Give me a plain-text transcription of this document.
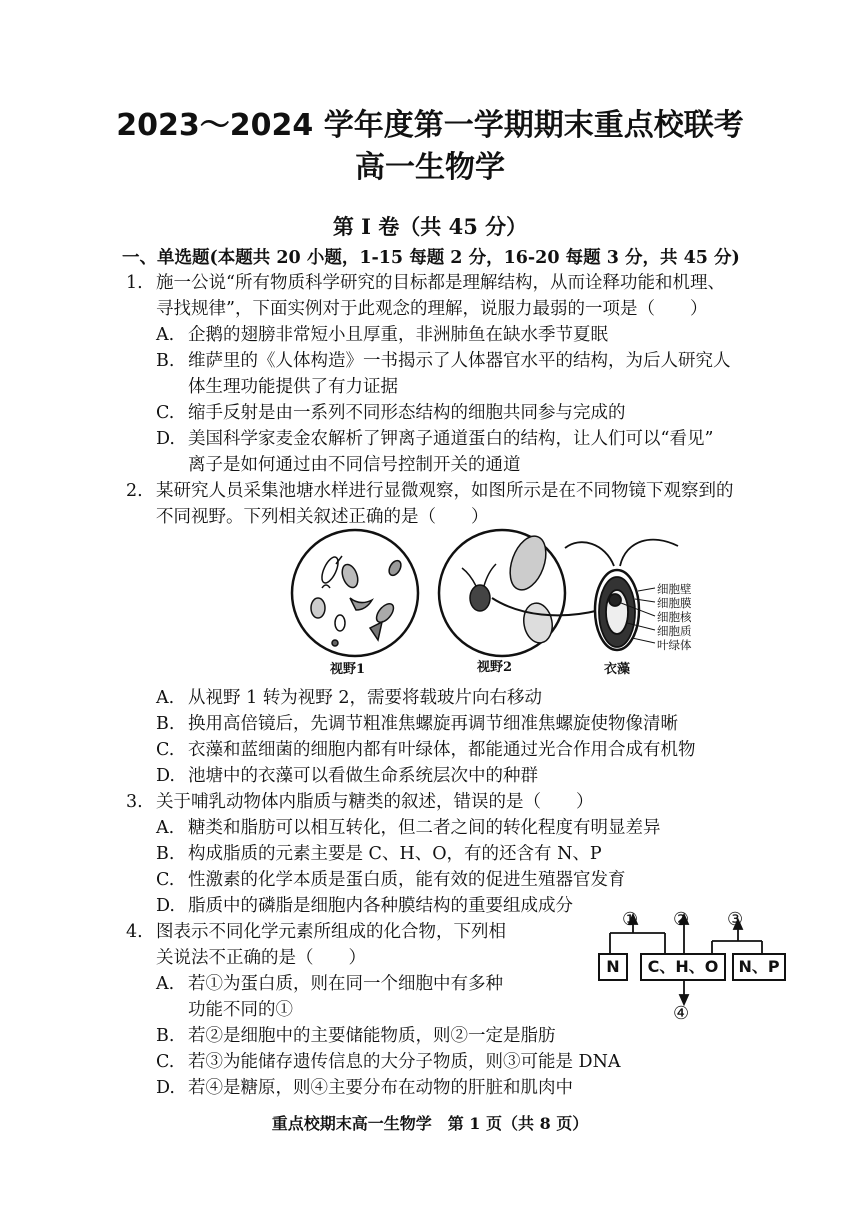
2023～2024 学年度第一学期期末重点校联考
高一生物学
第 Ⅰ 卷（共 45 分）
一、单选题(本题共 20 小题，1-15 每题 2 分，16-20 每题 3 分，共 45 分)
1. 施一公说“所有物质科学研究的目标都是理解结构，从而诠释功能和机理、
寻找规律”，下面实例对于此观念的理解，说服力最弱的一项是（　　）
A. 企鹅的翅膀非常短小且厚重，非洲肺鱼在缺水季节夏眠
B. 维萨里的《人体构造》一书揭示了人体器官水平的结构，为后人研究人
体生理功能提供了有力证据
C. 缩手反射是由一系列不同形态结构的细胞共同参与完成的
D. 美国科学家麦金农解析了钾离子通道蛋白的结构，让人们可以“看见”
离子是如何通过由不同信号控制开关的通道
2. 某研究人员采集池塘水样进行显微观察，如图所示是在不同物镜下观察到的
不同视野。下列相关叙述正确的是（　　）
细胞壁
细胞膜
细胞核
细胞质
叶绿体
视野1	视野2	衣藻
A. 从视野 1 转为视野 2，需要将载玻片向右移动
B. 换用高倍镜后，先调节粗准焦螺旋再调节细准焦螺旋使物像清晰
C. 衣藻和蓝细菌的细胞内都有叶绿体，都能通过光合作用合成有机物
D. 池塘中的衣藻可以看做生命系统层次中的种群
3. 关于哺乳动物体内脂质与糖类的叙述，错误的是（　　）
A. 糖类和脂肪可以相互转化，但二者之间的转化程度有明显差异
B. 构成脂质的元素主要是 C、H、O，有的还含有 N、P
C. 性激素的化学本质是蛋白质，能有效的促进生殖器官发育
D. 脂质中的磷脂是细胞内各种膜结构的重要组成成分
4. 图表示不同化学元素所组成的化合物，下列相
关说法不正确的是（　　）
① ② ③
④
N	C、H、O	N、P
A. 若①为蛋白质，则在同一个细胞中有多种
功能不同的①
B. 若②是细胞中的主要储能物质，则②一定是脂肪
C. 若③为能储存遗传信息的大分子物质，则③可能是 DNA
D. 若④是糖原，则④主要分布在动物的肝脏和肌肉中
重点校期末高一生物学　第 1 页（共 8 页）
